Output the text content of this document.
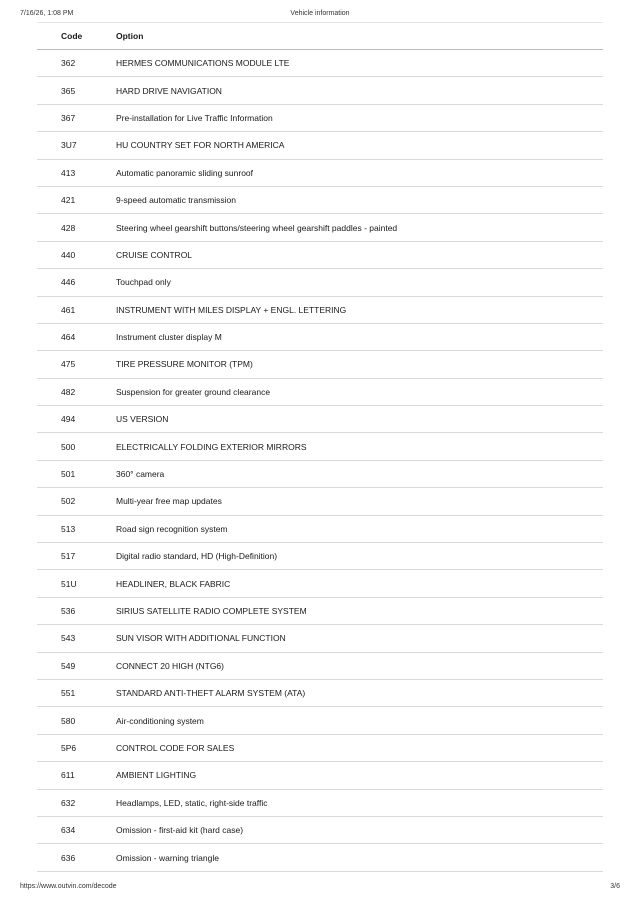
7/16/26, 1:08 PM	Vehicle information
Code	Option
362	HERMES COMMUNICATIONS MODULE LTE
365	HARD DRIVE NAVIGATION
367	Pre-installation for Live Traffic Information
3U7	HU COUNTRY SET FOR NORTH AMERICA
413	Automatic panoramic sliding sunroof
421	9-speed automatic transmission
428	Steering wheel gearshift buttons/steering wheel gearshift paddles - painted
440	CRUISE CONTROL
446	Touchpad only
461	INSTRUMENT WITH MILES DISPLAY + ENGL. LETTERING
464	Instrument cluster display M
475	TIRE PRESSURE MONITOR (TPM)
482	Suspension for greater ground clearance
494	US VERSION
500	ELECTRICALLY FOLDING EXTERIOR MIRRORS
501	360° camera
502	Multi-year free map updates
513	Road sign recognition system
517	Digital radio standard, HD (High-Definition)
51U	HEADLINER, BLACK FABRIC
536	SIRIUS SATELLITE RADIO COMPLETE SYSTEM
543	SUN VISOR WITH ADDITIONAL FUNCTION
549	CONNECT 20 HIGH (NTG6)
551	STANDARD ANTI-THEFT ALARM SYSTEM (ATA)
580	Air-conditioning system
5P6	CONTROL CODE FOR SALES
611	AMBIENT LIGHTING
632	Headlamps, LED, static, right-side traffic
634	Omission - first-aid kit (hard case)
636	Omission - warning triangle
https://www.outvin.com/decode	3/6
